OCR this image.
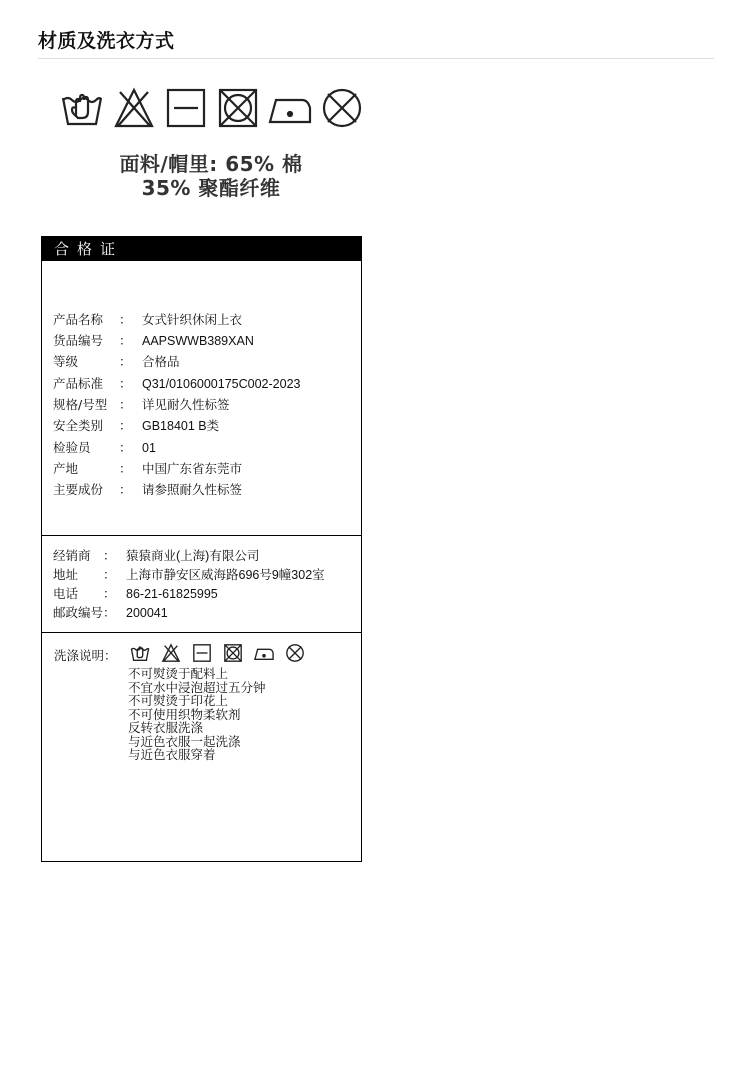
材质及洗衣方式
面料/帽里: 65% 棉
35% 聚酯纤维
合格证
产品名称 ： 女式针织休闲上衣
货品编号 ： AAPSWWB389XAN
等级	： 合格品
产品标准 ： Q31/0106000175C002-2023
规格/号型 ： 详见耐久性标签
安全类别 ： GB18401 B类
检验员 ： 01
产地	： 中国广东省东莞市
主要成份 ： 请参照耐久性标签
经销商 ： 猿猿商业(上海)有限公司
地址 ： 上海市静安区威海路696号9幢302室
电话 ： 86-21-61825995
邮政编号 ： 200041
洗涤说明：
不可熨烫于配料上
不宜水中浸泡超过五分钟
不可熨烫于印花上
不可使用织物柔软剂
反转衣服洗涤
与近色衣服一起洗涤
与近色衣服穿着
